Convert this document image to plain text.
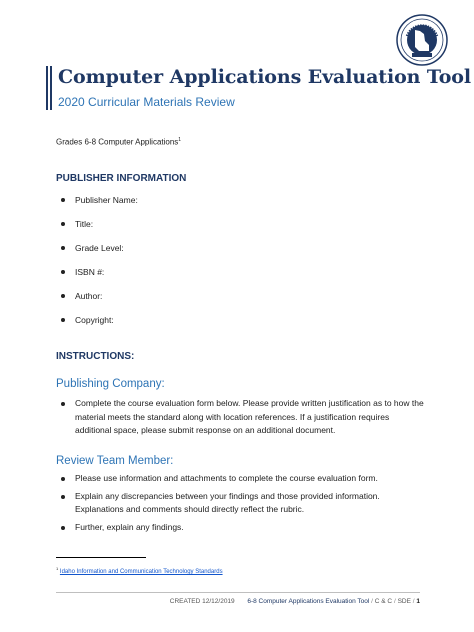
Computer Applications Evaluation Tool
2020 Curricular Materials Review
Grades 6-8 Computer Applications$^1$
PUBLISHER INFORMATION
Publisher Name:
Title:
Grade Level:
ISBN #:
Author:
Copyright:
INSTRUCTIONS:
Publishing Company:
Complete the course evaluation form below. Please provide written justification as to how the material meets the standard along with location references. If a justification requires additional space, please submit response on an additional document.
Review Team Member:
Please use information and attachments to complete the course evaluation form.
Explain any discrepancies between your findings and those provided information. Explanations and comments should directly reflect the rubric.
Further, explain any findings.
$^1$ Idaho Information and Communication Technology Standards
CREATED 12/12/2019 6-8 Computer Applications Evaluation Tool / C & C / SDE / 1
